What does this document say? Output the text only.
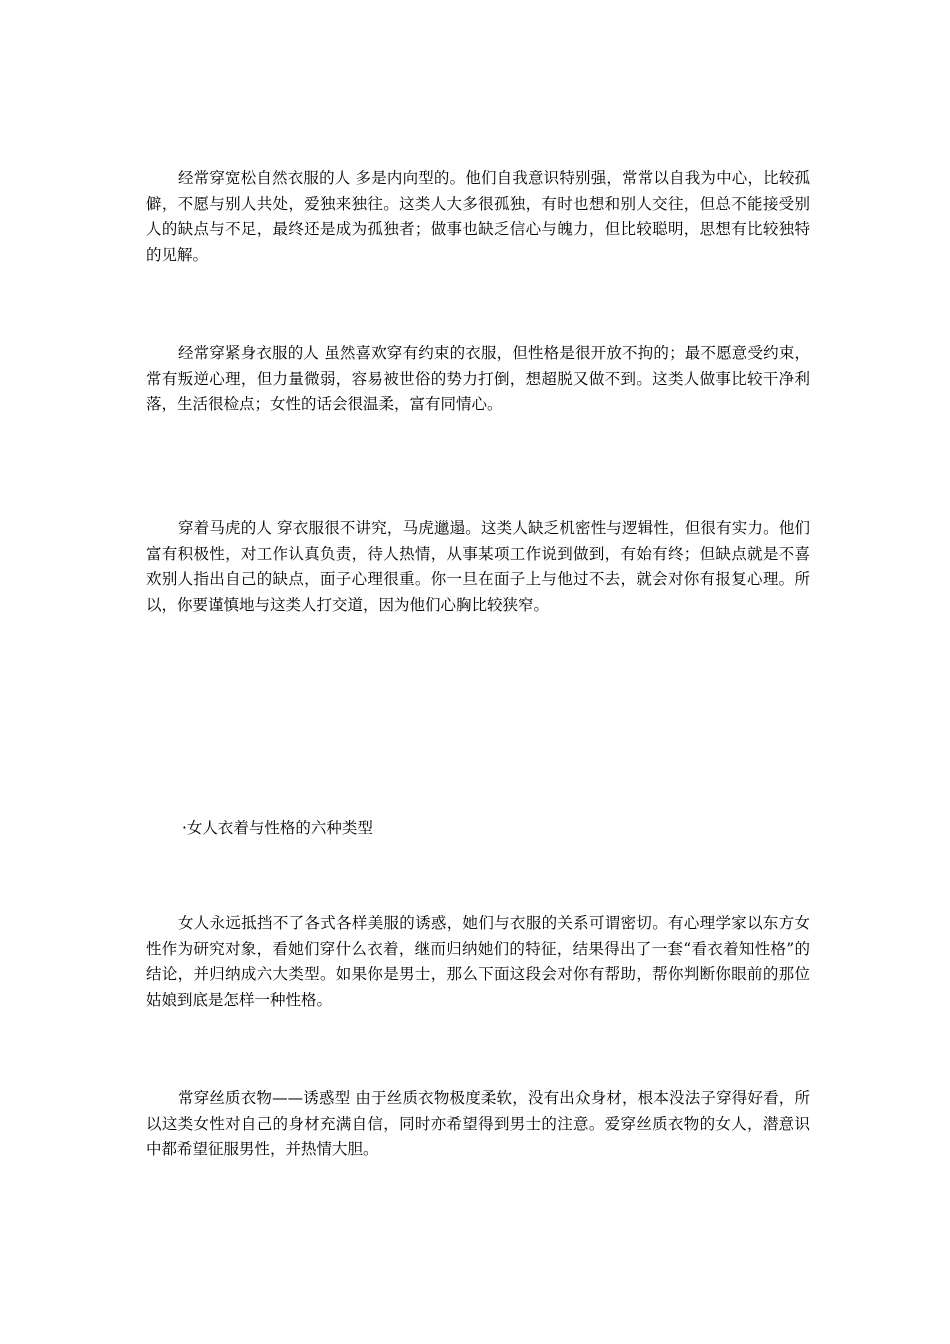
经常穿宽松自然衣服的人 多是内向型的。他们自我意识特别强，常常以自我为中心，比较孤僻，不愿与别人共处，爱独来独往。这类人大多很孤独，有时也想和别人交往，但总不能接受别人的缺点与不足，最终还是成为孤独者；做事也缺乏信心与魄力，但比较聪明，思想有比较独特的见解。

经常穿紧身衣服的人 虽然喜欢穿有约束的衣服，但性格是很开放不拘的；最不愿意受约束，常有叛逆心理，但力量微弱，容易被世俗的势力打倒，想超脱又做不到。这类人做事比较干净利落，生活很检点；女性的话会很温柔，富有同情心。

穿着马虎的人 穿衣服很不讲究，马虎邋遢。这类人缺乏机密性与逻辑性，但很有实力。他们富有积极性，对工作认真负责，待人热情，从事某项工作说到做到，有始有终；但缺点就是不喜欢别人指出自己的缺点，面子心理很重。你一旦在面子上与他过不去，就会对你有报复心理。所以，你要谨慎地与这类人打交道，因为他们心胸比较狭窄。

·女人衣着与性格的六种类型

女人永远抵挡不了各式各样美服的诱惑，她们与衣服的关系可谓密切。有心理学家以东方女性作为研究对象，看她们穿什么衣着，继而归纳她们的特征，结果得出了一套“看衣着知性格”的结论，并归纳成六大类型。如果你是男士，那么下面这段会对你有帮助，帮你判断你眼前的那位姑娘到底是怎样一种性格。

常穿丝质衣物——诱惑型 由于丝质衣物极度柔软，没有出众身材，根本没法子穿得好看，所以这类女性对自己的身材充满自信，同时亦希望得到男士的注意。爱穿丝质衣物的女人，潜意识中都希望征服男性，并热情大胆。
